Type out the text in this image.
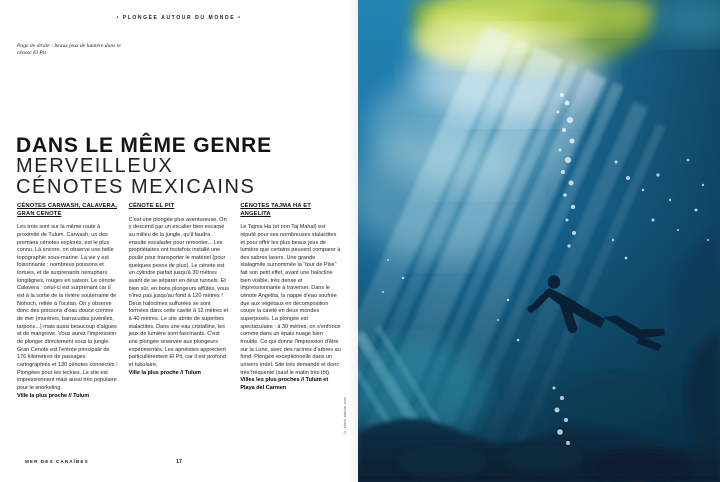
• PLONGÉE AUTOUR DU MONDE •
Page de droite : beaux jeux de lumière dans le cénote El Pit.
DANS LE MÊME GENRE
MERVEILLEUX
CÉNOTES MEXICAINS
CÉNOTES CARWASH, CALAVERA, GRAN CENOTE
Les trois sont sur la même route à proximité de Tulum. Carwash, un des premiers cénotes explorés, est le plus connu. Là encore, on observe une belle topographie sous-marine. La vie y est foisonnante : nombreux poissons et tortues, et de surprenants nénuphars longilignes, rouges en saison. Le cénote Calavera : celui-ci est surprenant car il est à la sortie de la rivière souterraine de Nohoch, reliée à l'océan. On y observe donc des poissons d'eau douce comme de mer (murènes, barracudas juvéniles, tarpons...) mais aussi beaucoup d'algues et de mangrove. Vous aurez l'impression de plonger directement sous la jungle. Gran Cenote est l'entrée principale de 176 kilomètres de passages cartographiés et 130 cénotes connectés ! Plongées pour les teckies. Le site est impressionnant mais aussi très populaire pour le snorkeling.
Ville la plus proche // Tulum
CÉNOTE EL PIT
C'est une plongée plus aventureuse. On y descend par un escalier bien escarpé au milieu de la jungle, qu'il faudra ensuite escalader pour remonter... Les propriétaires ont toutefois installé une poulie pour transporter le matériel (pour quelques pesos de plus). Le cénote est un cylindre parfait jusqu'à 30 mètres avant de se séparer en deux tunnels. Et bien sûr, en bons plongeurs affûtés, vous n'irez pas jusqu'au fond à 120 mètres ! Deux haloclines sulfurées se sont formées dans cette cavité à 12 mètres et à 40 mètres. Le site abrite de superbes stalactites. Dans une eau cristalline, les jeux de lumière sont fascinants. C'est une plongée réservée aux plongeurs expérimentés. Les apnéistes apprécient particulièrement El Pit, car il est profond et tubulaire.
Ville la plus proche // Tulum
CÉNOTES TAJMA HA ET ANGELITA
Le Tajma Ha (et non Taj Mahal) est réputé pour ses nombreuses stalactites et pour offrir les plus beaux jeux de lumière que certains peuvent comparer à des sabres lasers. Une grande stalagmite surnommée la "tour de Pise" fait son petit effet, avant une halocline bien visible, très dense et impressionnante à traverser. Dans le cénote Angelita, la nappe d'eau soufrée due aux végétaux en décomposition coupe la cavité en deux mondes superposés. La plongée est spectaculaire : à 30 mètres, on s'enfonce comme dans un épais nuage bien trouble. Ce qui donne l'impression d'être sur la Lune, avec des racines d'arbres au fond. Plongée exceptionnelle dans un univers irréel. Site très demandé et donc très fréquenté (sauf le matin très tôt).
Villes les plus proches // Tulum et Playa del Carmen
MER DES CARAÏBES	17
© stock.adobe.com
